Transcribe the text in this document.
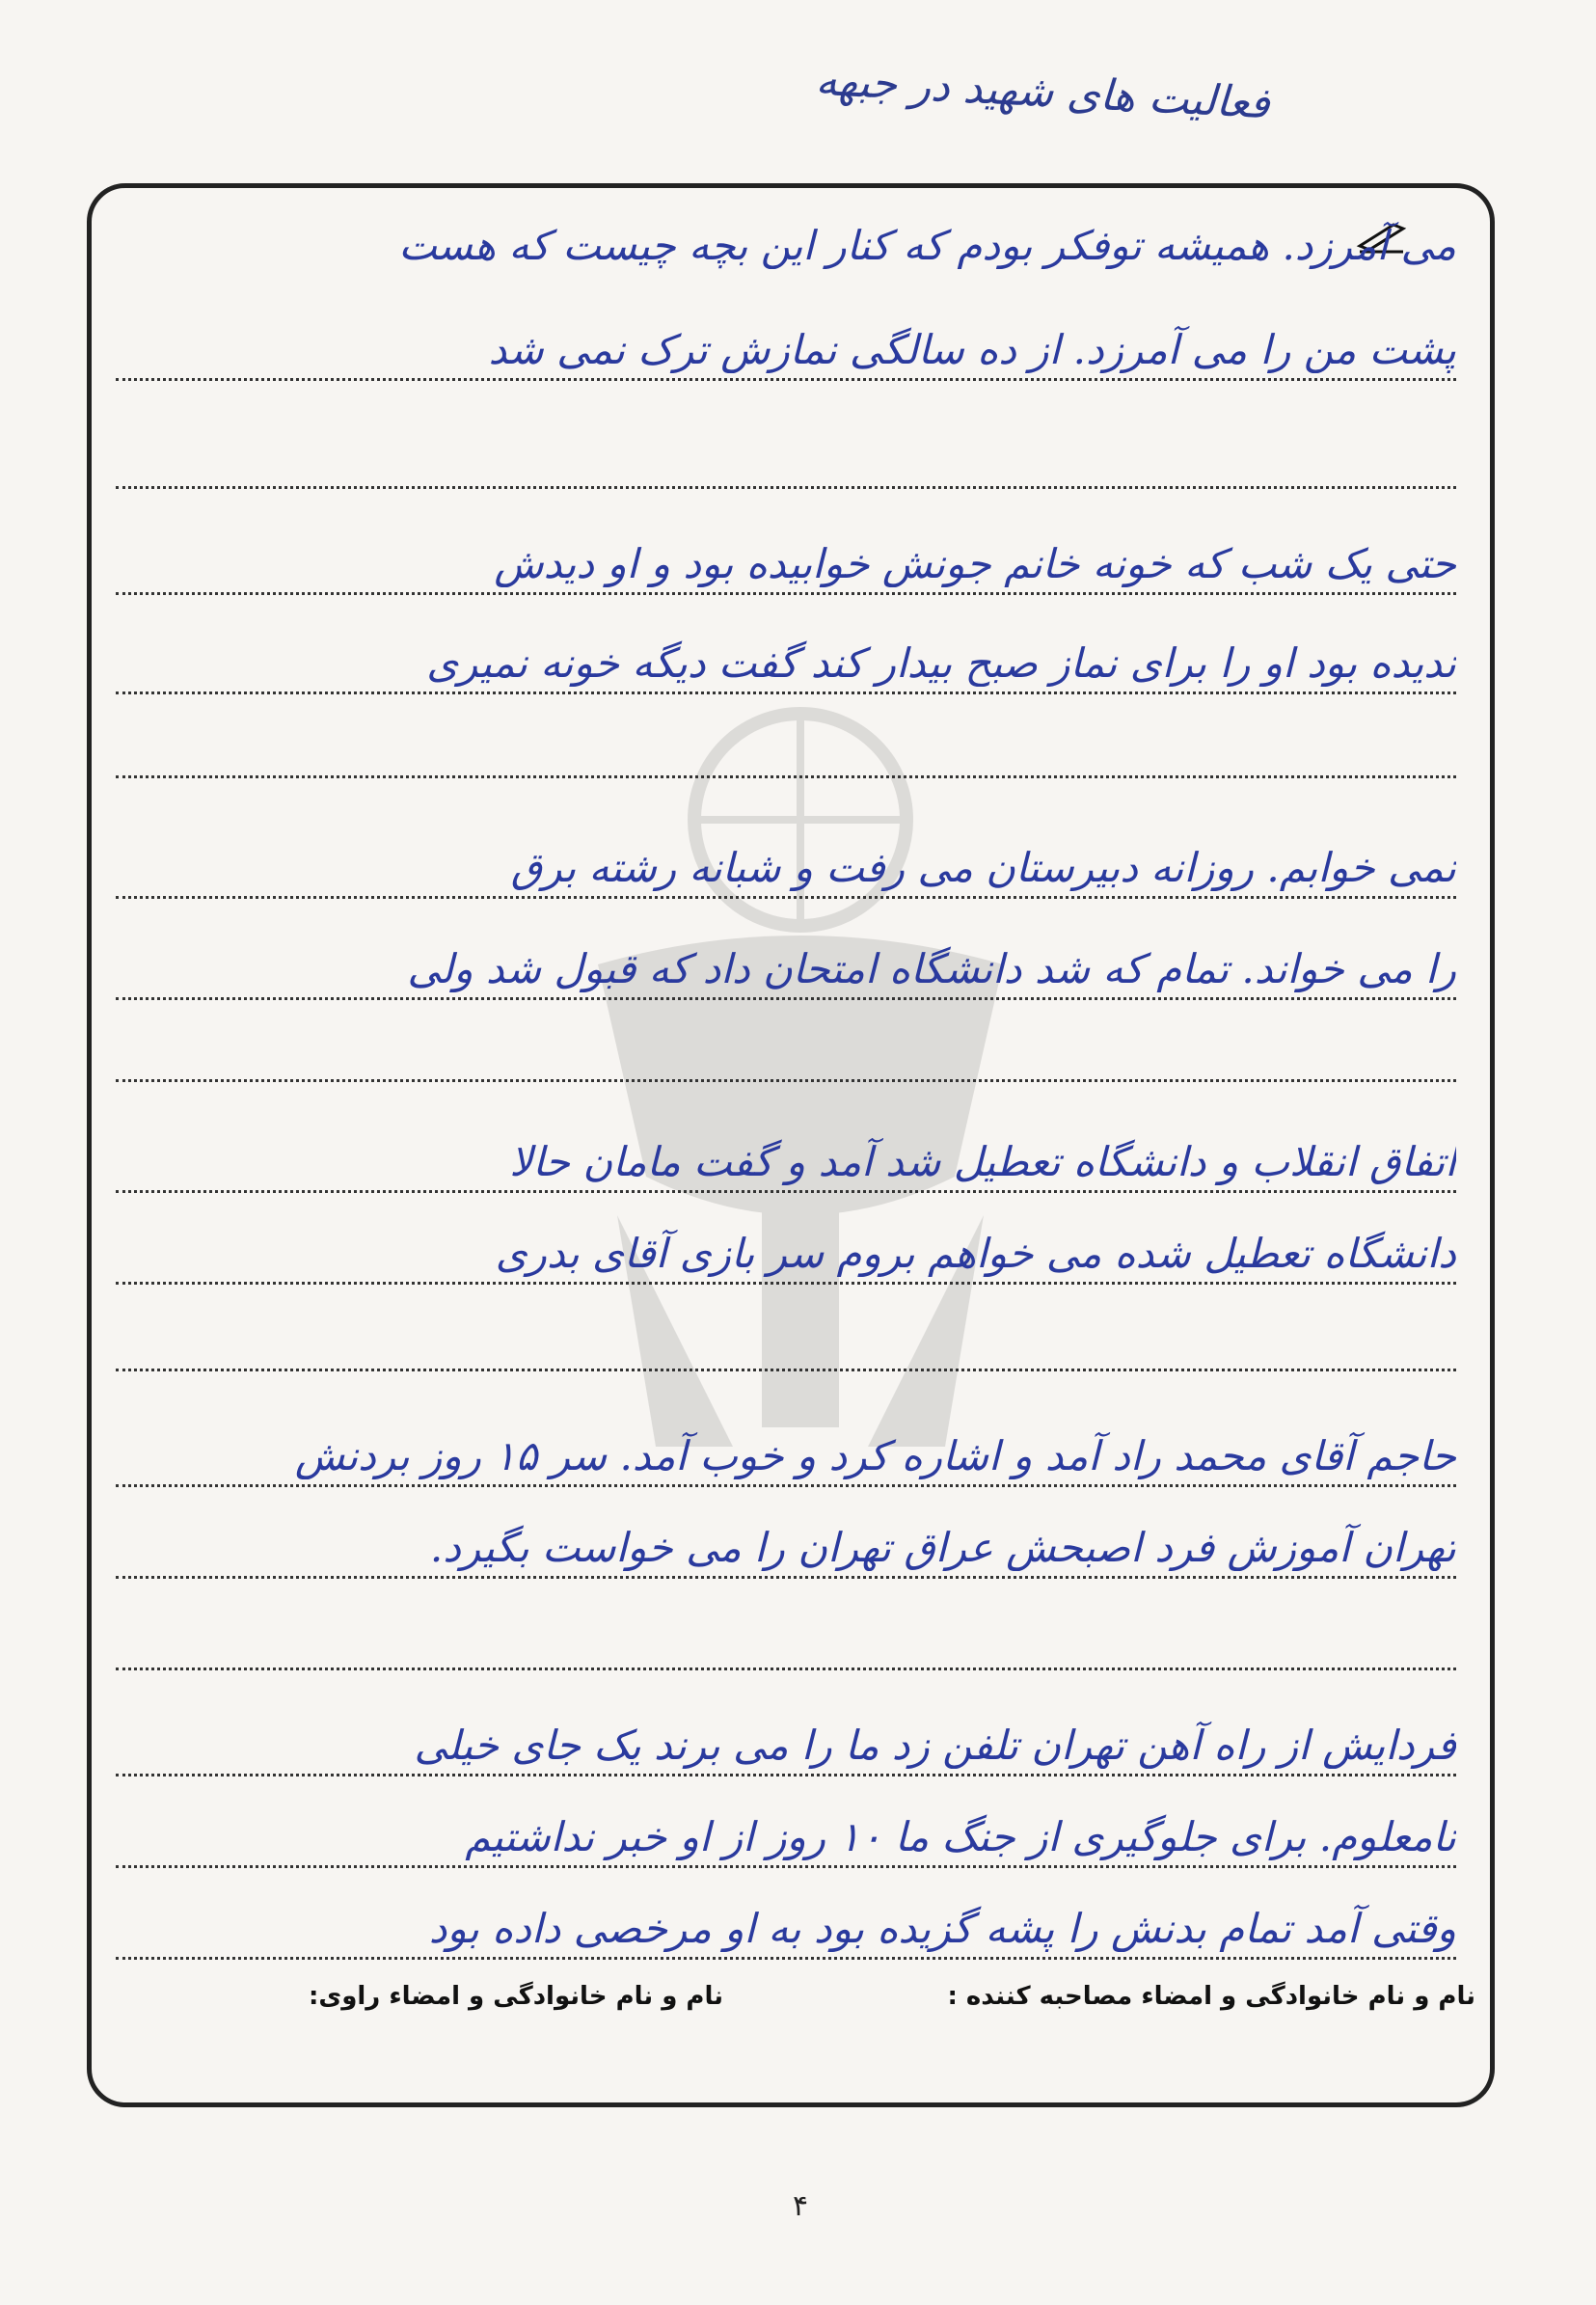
فعالیت های شهید در جبهه
می آمرزد. همیشه توفکر بودم که کنار این بچه چیست که هست
پشت من را می آمرزد. از ده سالگی نمازش ترک نمی شد
حتی یک شب که خونه خانم جونش خوابیده بود و او دیدش
ندیده بود او را برای نماز صبح بیدار کند گفت دیگه خونه نمیری
نمی خوابم. روزانه دبیرستان می رفت و شبانه رشته برق
را می خواند. تمام که شد دانشگاه امتحان داد که قبول شد ولی
اتفاق انقلاب و دانشگاه تعطیل شد آمد و گفت مامان حالا
دانشگاه تعطیل شده می خواهم بروم سر بازی آقای بدری
حاجم آقای محمد راد آمد و اشاره کرد و خوب آمد. سر ۱۵ روز بردنش
تهران آموزش فرد اصبحش عراق تهران را می خواست بگیرد.
فردایش از راه آهن تهران تلفن زد ما را می برند یک جای خیلی
نامعلوم. برای جلوگیری از جنگ ما ۱۰ روز از او خبر نداشتیم
وقتی آمد تمام بدنش را پشه گزیده بود به او مرخصی داده بود
نام و نام خانوادگی و امضاء مصاحبه کننده :
نام و نام خانوادگی و امضاء راوی:
۴
